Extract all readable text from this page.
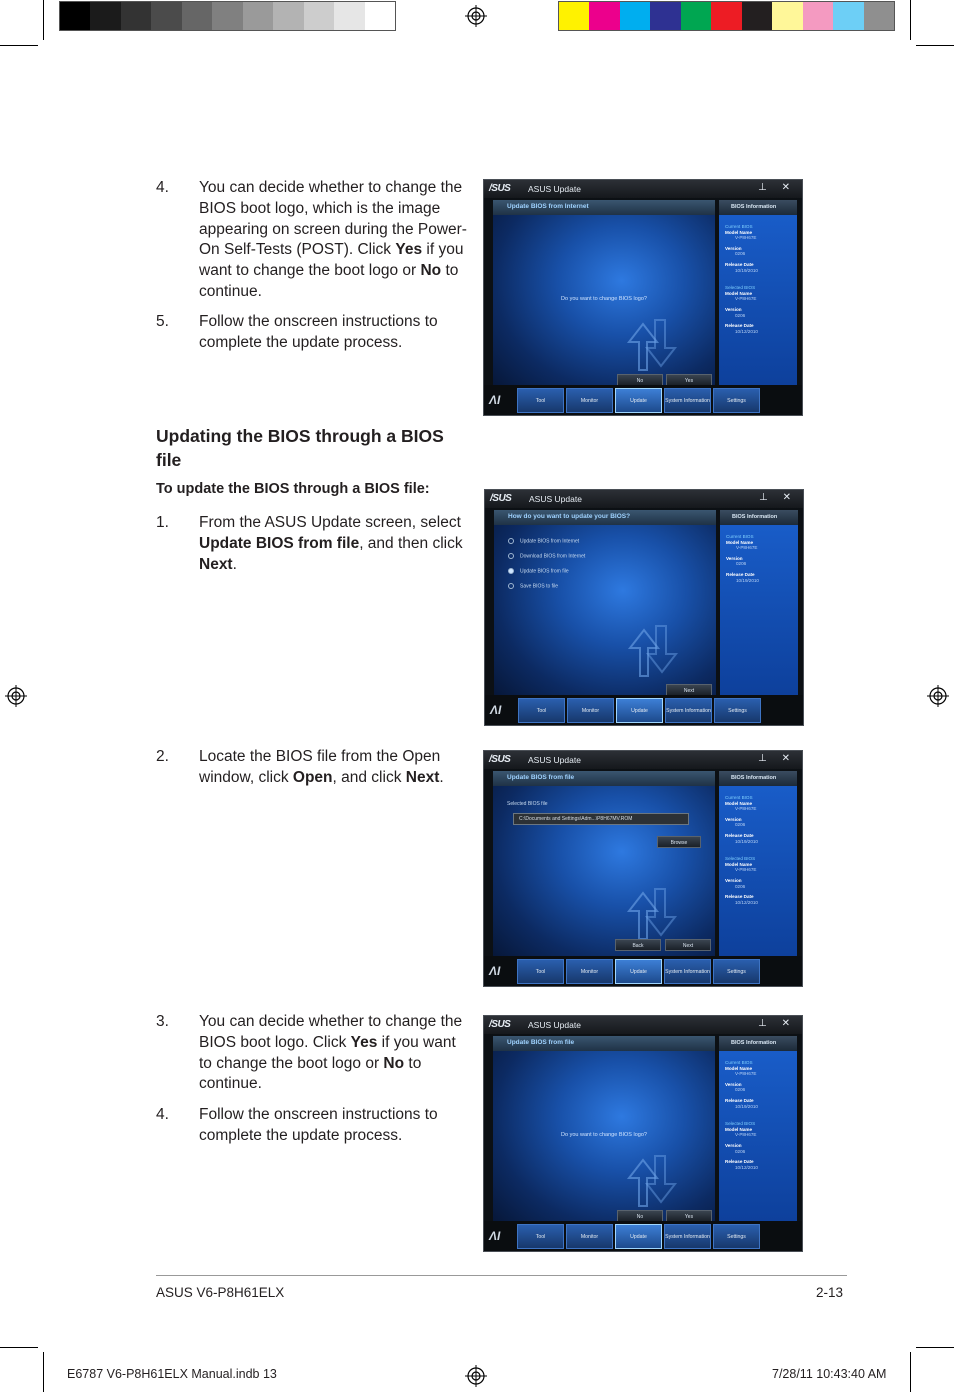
4. You can decide whether to change the BIOS boot logo, which is the image appearing on screen during the Power-On Self-Tests (POST). Click Yes if you want to change the boot logo or No to continue.
5. Follow the onscreen instructions to complete the update process.
Updating the BIOS through a BIOS file
To update the BIOS through a BIOS file:
1. From the ASUS Update screen, select Update BIOS from file, and then click Next.
2. Locate the BIOS file from the Open window, click Open, and click Next.
3. You can decide whether to change the BIOS boot logo. Click Yes if you want to change the boot logo or No to continue.
4. Follow the onscreen instructions to complete the update process.
/SUS ASUS Update	⊥ ✕
Update BIOS from Internet
Do you want to change BIOS logo?
No	Yes
BIOS Information
Current BIOS
Model Name
V-P8H67E
Version
0206
Release Date
10/19/2010
Selected BIOS
Model Name
V-P8H67E
Version
0206
Release Date
10/12/2010
ɅI	Tool	Monitor	Update	System Information	Settings
/SUS ASUS Update	⊥ ✕
How do you want to update your BIOS?
Update BIOS from Internet
Download BIOS from Internet
Update BIOS from file
Save BIOS to file
Next
BIOS Information
Current BIOS
Model Name
V-P8H67E
Version
0206
Release Date
10/19/2010
ɅI	Tool	Monitor	Update	System Information	Settings
/SUS ASUS Update	⊥ ✕
Update BIOS from file
Selected BIOS file
C:\Documents and Settings\Adm...\P8H67MV.ROM
Browse
Back	Next
BIOS Information
Current BIOS
Model Name
V-P8H67E
Version
0206
Release Date
10/19/2010
Selected BIOS
Model Name
V-P8H67E
Version
0206
Release Date
10/12/2010
ɅI	Tool	Monitor	Update	System Information	Settings
/SUS ASUS Update	⊥ ✕
Update BIOS from file
Do you want to change BIOS logo?
No	Yes
BIOS Information
Current BIOS
Model Name
V-P8H67E
Version
0206
Release Date
10/19/2010
Selected BIOS
Model Name
V-P8H67E
Version
0206
Release Date
10/12/2010
ɅI	Tool	Monitor	Update	System Information	Settings
ASUS V6-P8H61ELX	2-13
E6787 V6-P8H61ELX Manual.indb 13	7/28/11 10:43:40 AM
